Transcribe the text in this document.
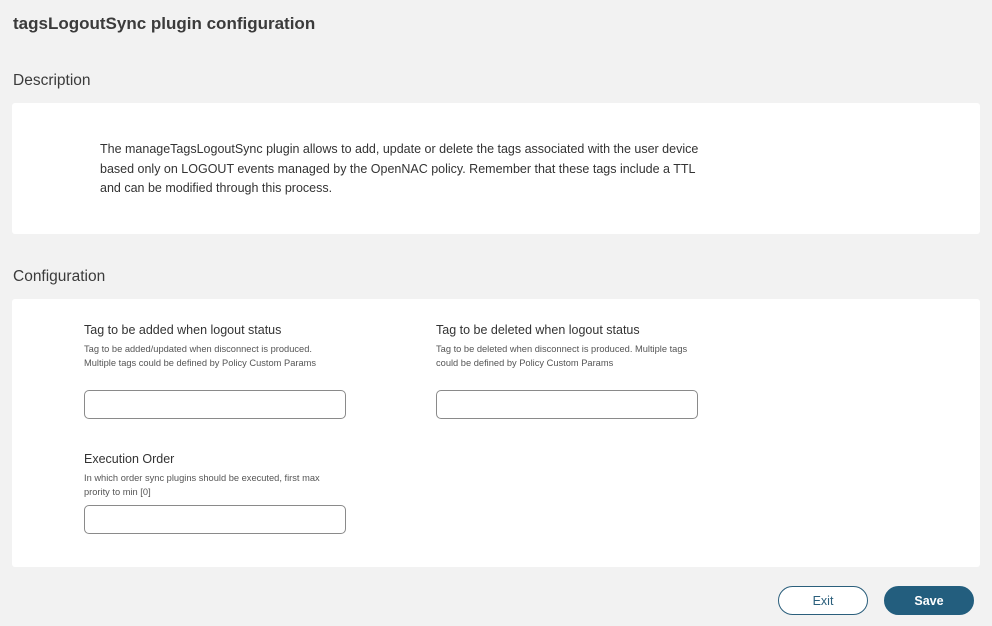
tagsLogoutSync plugin configuration
Description
The manageTagsLogoutSync plugin allows to add, update or delete the tags associated with the user device based only on LOGOUT events managed by the OpenNAC policy. Remember that these tags include a TTL and can be modified through this process.
Configuration

Tag to be added when logout status

Tag to be added/updated when disconnect is produced. Multiple tags could be defined by Policy Custom Params

Tag to be deleted when logout status

Tag to be deleted when disconnect is produced. Multiple tags could be defined by Policy Custom Params

Execution Order

In which order sync plugins should be executed, first max prority to min [0]

Exit	Save
